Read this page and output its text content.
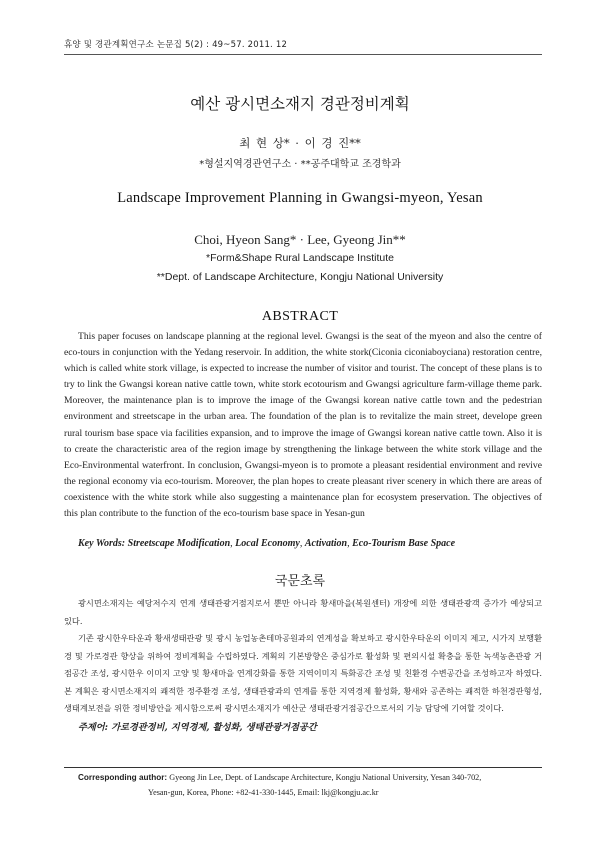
휴양 및 경관계획연구소 논문집 5(2) : 49~57. 2011. 12
예산 광시면소재지 경관정비계획
최 현 상* · 이 경 진**
*형설지역경관연구소 · **공주대학교 조경학과
Landscape Improvement Planning in Gwangsi-myeon, Yesan
Choi, Hyeon Sang* · Lee, Gyeong Jin**
*Form&Shape Rural Landscape Institute
**Dept. of Landscape Architecture, Kongju National University
ABSTRACT

This paper focuses on landscape planning at the regional level. Gwangsi is the seat of the myeon and also the centre of eco-tours in conjunction with the Yedang reservoir. In addition, the white stork(Ciconia ciconiaboyciana) restoration centre, which is called white stork village, is expected to increase the number of visitor and tourist. The concept of these plans is to try to link the Gwangsi korean native cattle town, white stork ecotourism and Gwangsi agriculture farm-village theme park. Moreover, the maintenance plan is to improve the image of the Gwangsi korean native cattle town and the pedestrian environment and streetscape in the urban area. The foundation of the plan is to revitalize the main street, develope green rural tourism base space via facilities expansion, and to improve the image of Gwangsi korean native cattle town. Also it is to create the characteristic area of the region image by strengthening the linkage between the white stork village and the Eco-Environmental waterfront. In conclusion, Gwangsi-myeon is to promote a pleasant residential environment and revive the regional economy via eco-tourism. Moreover, the plan hopes to create pleasant river scenery in which there are areas of coexistence with the white stork while also suggesting a maintenance plan for ecosystem preservation. The objectives of this plan contribute to the function of the eco-tourism base space in Yesan-gun

Key Words: Streetscape Modification, Local Economy, Activation, Eco-Tourism Base Space
국문초록

광시면소재지는 예당저수지 연계 생태관광거점지로서 뿐만 아니라 황새마을(복원센터) 개장에 의한 생태관광객 증가가 예상되고 있다.

기존 광시한우타운과 황새생태관광 및 광시 농업농촌테마공원과의 연계성을 확보하고 광시한우타운의 이미지 제고, 시가지 보행환경 및 가로경관 향상을 위하여 정비계획을 수립하였다. 계획의 기본방향은 중심가로 활성화 및 편의시설 확충을 통한 녹색농촌관광 거점공간 조성, 광시한우 이미지 고양 및 황새마을 연계강화를 통한 지역이미지 특화공간 조성 및 친환경 수변공간을 조성하고자 하였다. 본 계획은 광시면소재지의 쾌적한 정주환경 조성, 생태관광과의 연계를 통한 지역경제 활성화, 황새와 공존하는 쾌적한 하천경관형성, 생태계보전을 위한 정비방안을 제시함으로써 광시면소재지가 예산군 생태관광거점공간으로서의 기능 담당에 기여할 것이다.

주제어: 가로경관정비, 지역경제, 활성화, 생태관광거점공간
Corresponding author: Gyeong Jin Lee, Dept. of Landscape Architecture, Kongju National University, Yesan 340-702,
Yesan-gun, Korea, Phone: +82-41-330-1445, Email: lkj@kongju.ac.kr
